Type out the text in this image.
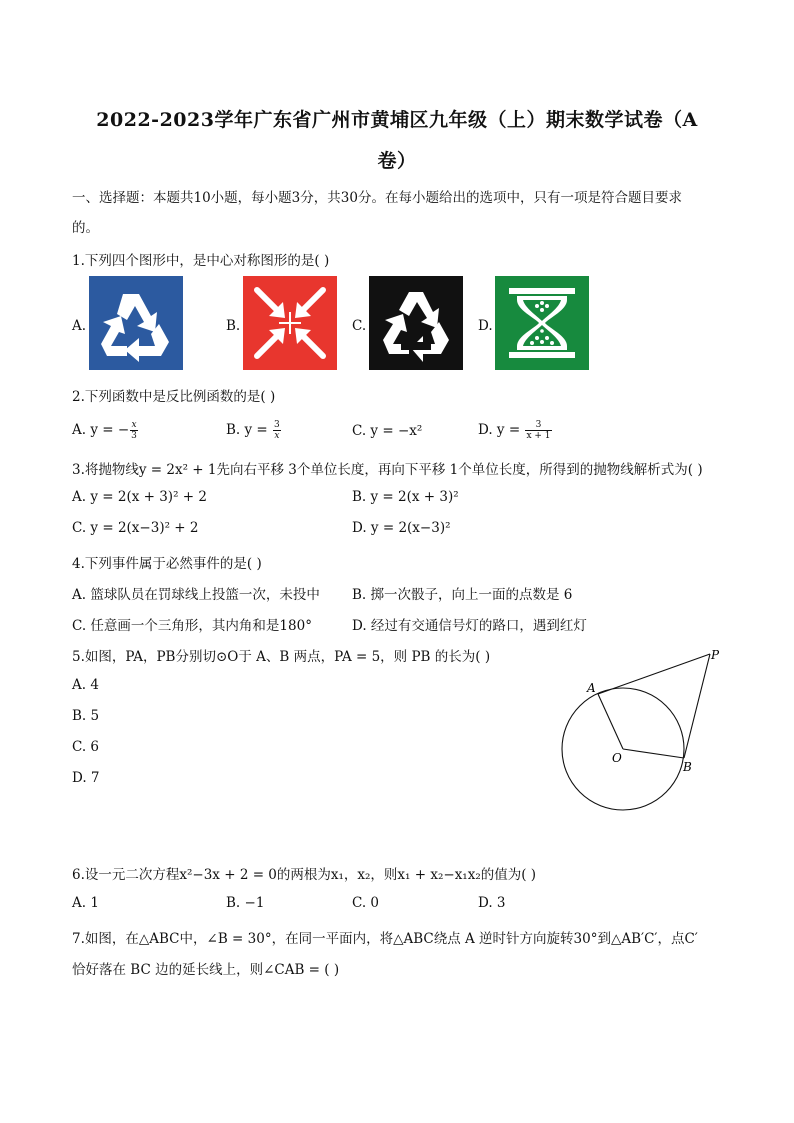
2022-2023学年广东省广州市黄埔区九年级（上）期末数学试卷（A
卷）
一、选择题：本题共10小题，每小题3分，共30分。在每小题给出的选项中，只有一项是符合题目要求
的。
1.下列四个图形中，是中心对称图形的是( )
A.	B.	C.	D.
2.下列函数中是反比例函数的是( )
A. y = − $\frac{x}{3}$	B. $y = \frac{3}{x}$	C. y = −x²	D. $y = \frac{3}{x + 1}$
3.将抛物线y = 2x² + 1先向右平移 3个单位长度，再向下平移 1个单位长度，所得到的抛物线解析式为( )
A. y = 2(x + 3)² + 2	B. y = 2(x + 3)²
C. y = 2(x−3)² + 2	D. y = 2(x−3)²
4.下列事件属于必然事件的是( )
A. 篮球队员在罚球线上投篮一次，未投中 B. 掷一次骰子，向上一面的点数是 6
C. 任意画一个三角形，其内角和是180°	D. 经过有交通信号灯的路口，遇到红灯
5.如图，PA，PB分别切⊙O于 A、B 两点，PA = 5，则 PB 的长为( )
A. 4
B. 5
C. 6
D. 7
P
A
O
B
6.设一元二次方程x²−3x + 2 = 0的两根为x₁，x₂，则x₁ + x₂−x₁x₂的值为( )
A. 1	B. −1	C. 0	D. 3
7.如图，在△ABC中，∠B = 30°，在同一平面内，将△ABC绕点 A 逆时针方向旋转30°到△AB′C′，点C′
恰好落在 BC 边的延长线上，则∠CAB = ( )
